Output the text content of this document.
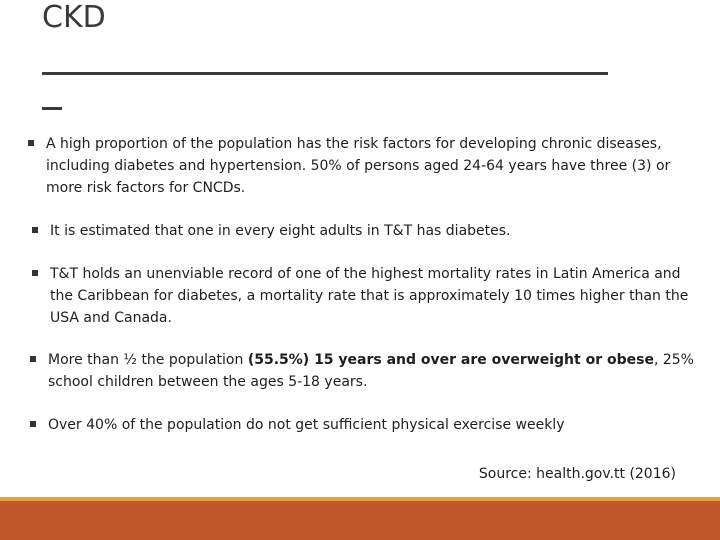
CKD

A high proportion of the population has the risk factors for developing chronic diseases, including diabetes and hypertension. 50% of persons aged 24-64 years have three (3) or more risk factors for CNCDs.

It is estimated that one in every eight adults in T&T has diabetes.

T&T holds an unenviable record of one of the highest mortality rates in Latin America and the Caribbean for diabetes, a mortality rate that is approximately 10 times higher than the USA and Canada.

More than ½ the population (55.5%) 15 years and over are overweight or obese, 25% school children between the ages 5-18 years.

Over 40% of the population do not get sufficient physical exercise weekly

Source: health.gov.tt (2016)
